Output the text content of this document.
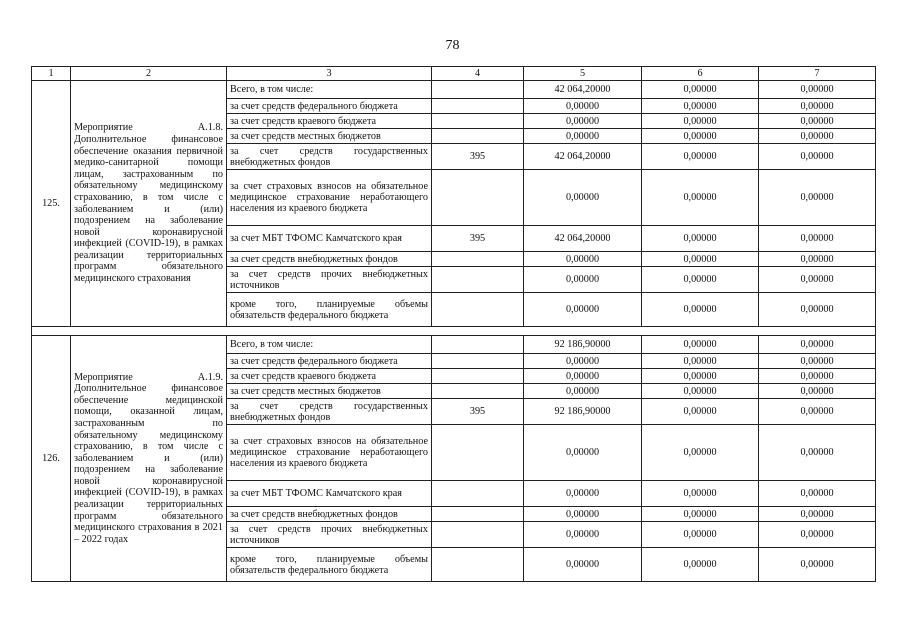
78
1	2	3	4	5	6	7
125.	Мероприятие А.1.8. Дополнительное финансовое обеспечение оказания первичной медико-санитарной помощи лицам, застрахованным по обязательному медицинскому страхованию, в том числе с заболеванием и (или) подозрением на заболевание новой коронавирусной инфекцией (COVID-19), в рамках реализации территориальных программ обязательного медицинского страхования	Всего, в том числе:		42 064,20000	0,00000	0,00000
		за счет средств федерального бюджета		0,00000	0,00000	0,00000
		за счет средств краевого бюджета		0,00000	0,00000	0,00000
		за счет средств местных бюджетов		0,00000	0,00000	0,00000
		за счет средств государственных внебюджетных фондов	395	42 064,20000	0,00000	0,00000
		за счет страховых взносов на обязательное медицинское страхование неработающего населения из краевого бюджета		0,00000	0,00000	0,00000
		за счет МБТ ТФОМС Камчатского края	395	42 064,20000	0,00000	0,00000
		за счет средств внебюджетных фондов		0,00000	0,00000	0,00000
		за счет средств прочих внебюджетных источников		0,00000	0,00000	0,00000
		кроме того, планируемые объемы обязательств федерального бюджета		0,00000	0,00000	0,00000

126.	Мероприятие А.1.9. Дополнительное финансовое обеспечение медицинской помощи, оказанной лицам, застрахованным по обязательному медицинскому страхованию, в том числе с заболеванием и (или) подозрением на заболевание новой коронавирусной инфекцией (COVID-19), в рамках реализации территориальных программ обязательного медицинского страхования в 2021 – 2022 годах	Всего, в том числе:		92 186,90000	0,00000	0,00000
		за счет средств федерального бюджета		0,00000	0,00000	0,00000
		за счет средств краевого бюджета		0,00000	0,00000	0,00000
		за счет средств местных бюджетов		0,00000	0,00000	0,00000
		за счет средств государственных внебюджетных фондов	395	92 186,90000	0,00000	0,00000
		за счет страховых взносов на обязательное медицинское страхование неработающего населения из краевого бюджета		0,00000	0,00000	0,00000
		за счет МБТ ТФОМС Камчатского края		0,00000	0,00000	0,00000
		за счет средств внебюджетных фондов		0,00000	0,00000	0,00000
		за счет средств прочих внебюджетных источников		0,00000	0,00000	0,00000
		кроме того, планируемые объемы обязательств федерального бюджета		0,00000	0,00000	0,00000
